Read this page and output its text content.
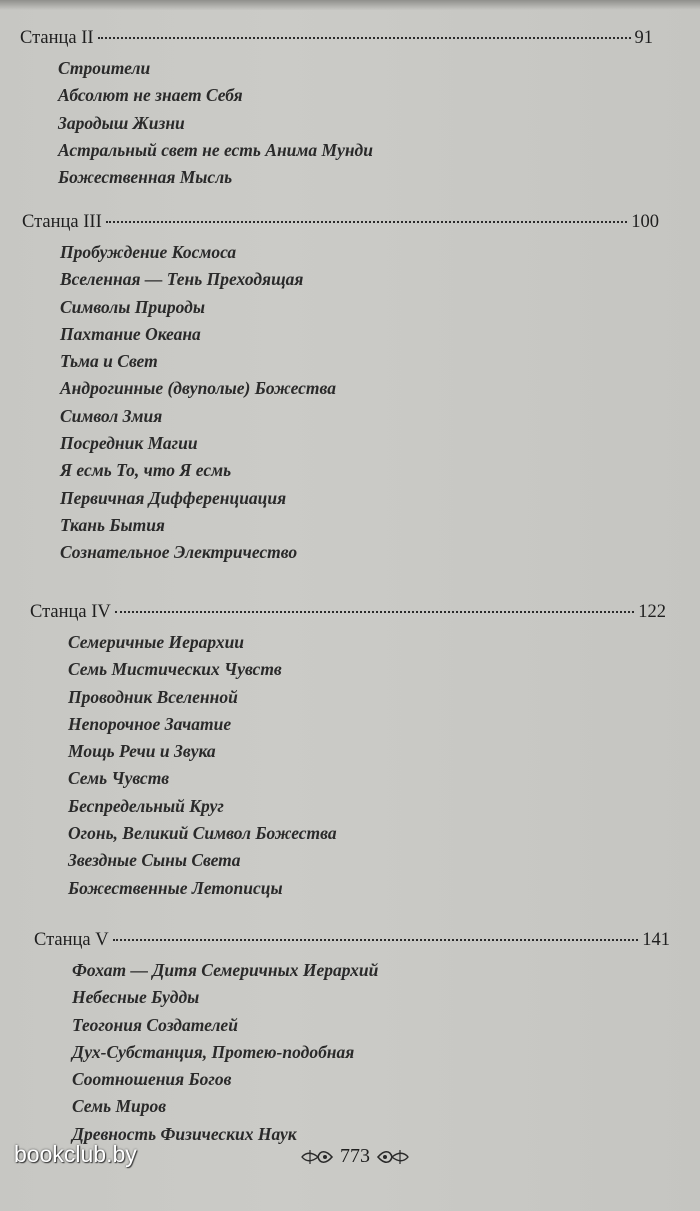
Станца II	91
Строители
Абсолют не знает Себя
Зародыш Жизни
Астральный свет не есть Анима Мунди
Божественная Мысль
Станца III	100
Пробуждение Космоса
Вселенная — Тень Преходящая
Символы Природы
Пахтание Океана
Тьма и Свет
Андрогинные (двуполые) Божества
Символ Змия
Посредник Магии
Я есмь То, что Я есмь
Первичная Дифференциация
Ткань Бытия
Сознательное Электричество
Станца IV	122
Семеричные Иерархии
Семь Мистических Чувств
Проводник Вселенной
Непорочное Зачатие
Мощь Речи и Звука
Семь Чувств
Беспредельный Круг
Огонь, Великий Символ Божества
Звездные Сыны Света
Божественные Летописцы
Станца V	141
Фохат — Дитя Семеричных Иерархий
Небесные Будды
Теогония Создателей
Дух-Субстанция, Протею-подобная
Соотношения Богов
Семь Миров
Древность Физических Наук
bookclub.by	773
